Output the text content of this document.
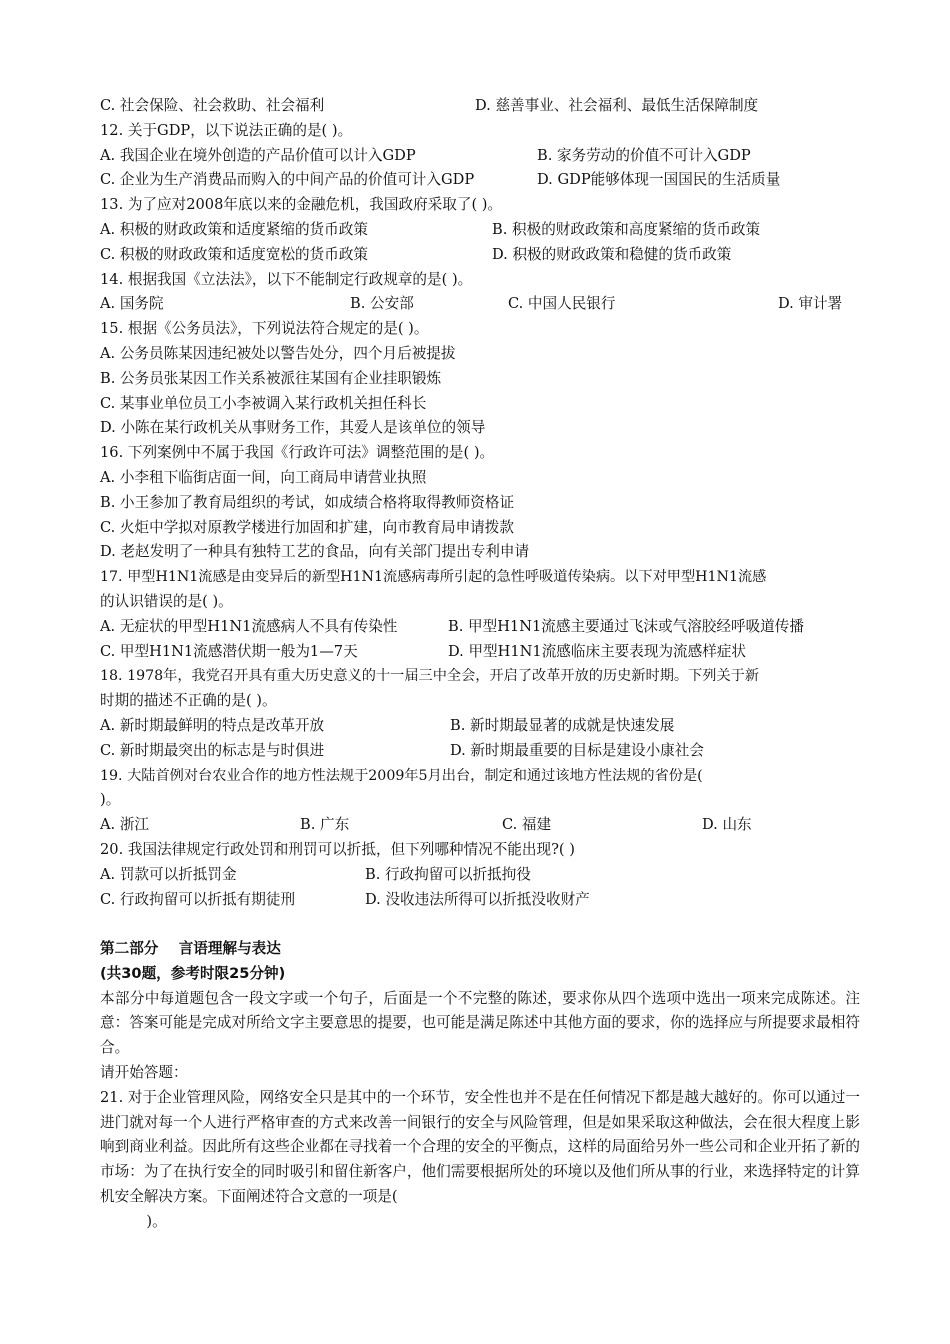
C. 社会保险、社会救助、社会福利	D. 慈善事业、社会福利、最低生活保障制度
12. 关于GDP，以下说法正确的是( )。
A. 我国企业在境外创造的产品价值可以计入GDP	B. 家务劳动的价值不可计入GDP
C. 企业为生产消费品而购入的中间产品的价值可计入GDP	D. GDP能够体现一国国民的生活质量
13. 为了应对2008年底以来的金融危机，我国政府采取了( )。
A. 积极的财政政策和适度紧缩的货币政策	B. 积极的财政政策和高度紧缩的货币政策
C. 积极的财政政策和适度宽松的货币政策	D. 积极的财政政策和稳健的货币政策
14. 根据我国《立法法》，以下不能制定行政规章的是( )。
A. 国务院	B. 公安部	C. 中国人民银行	D. 审计署
15. 根据《公务员法》，下列说法符合规定的是( )。
A. 公务员陈某因违纪被处以警告处分，四个月后被提拔
B. 公务员张某因工作关系被派往某国有企业挂职锻炼
C. 某事业单位员工小李被调入某行政机关担任科长
D. 小陈在某行政机关从事财务工作，其爱人是该单位的领导
16. 下列案例中不属于我国《行政许可法》调整范围的是( )。
A. 小李租下临街店面一间，向工商局申请营业执照
B. 小王参加了教育局组织的考试，如成绩合格将取得教师资格证
C. 火炬中学拟对原教学楼进行加固和扩建，向市教育局申请拨款
D. 老赵发明了一种具有独特工艺的食品，向有关部门提出专利申请
17. 甲型H1N1流感是由变异后的新型H1N1流感病毒所引起的急性呼吸道传染病。以下对甲型H1N1流感
的认识错误的是( )。
A. 无症状的甲型H1N1流感病人不具有传染性	B. 甲型H1N1流感主要通过飞沫或气溶胶经呼吸道传播
C. 甲型H1N1流感潜伏期一般为1—7天	D. 甲型H1N1流感临床主要表现为流感样症状
18. 1978年，我党召开具有重大历史意义的十一届三中全会，开启了改革开放的历史新时期。下列关于新
时期的描述不正确的是( )。
A. 新时期最鲜明的特点是改革开放	B. 新时期最显著的成就是快速发展
C. 新时期最突出的标志是与时俱进	D. 新时期最重要的目标是建设小康社会
19. 大陆首例对台农业合作的地方性法规于2009年5月出台，制定和通过该地方性法规的省份是(
)。
A. 浙江	B. 广东	C. 福建	D. 山东
20. 我国法律规定行政处罚和刑罚可以折抵，但下列哪种情况不能出现?( )
A. 罚款可以折抵罚金	B. 行政拘留可以折抵拘役
C. 行政拘留可以折抵有期徒刑	D. 没收违法所得可以折抵没收财产
第二部分    言语理解与表达
(共30题，参考时限25分钟)
本部分中每道题包含一段文字或一个句子，后面是一个不完整的陈述，要求你从四个选项中选出一项来完成陈述。注意：答案可能是完成对所给文字主要意思的提要，也可能是满足陈述中其他方面的要求，你的选择应与所提要求最相符合。
请开始答题：
21. 对于企业管理风险，网络安全只是其中的一个环节，安全性也并不是在任何情况下都是越大越好的。你可以通过一进门就对每一个人进行严格审查的方式来改善一间银行的安全与风险管理，但是如果采取这种做法，会在很大程度上影响到商业利益。因此所有这些企业都在寻找着一个合理的安全的平衡点，这样的局面给另外一些公司和企业开拓了新的市场：为了在执行安全的同时吸引和留住新客户，他们需要根据所处的环境以及他们所从事的行业，来选择特定的计算机安全解决方案。下面阐述符合文意的一项是(
)。
